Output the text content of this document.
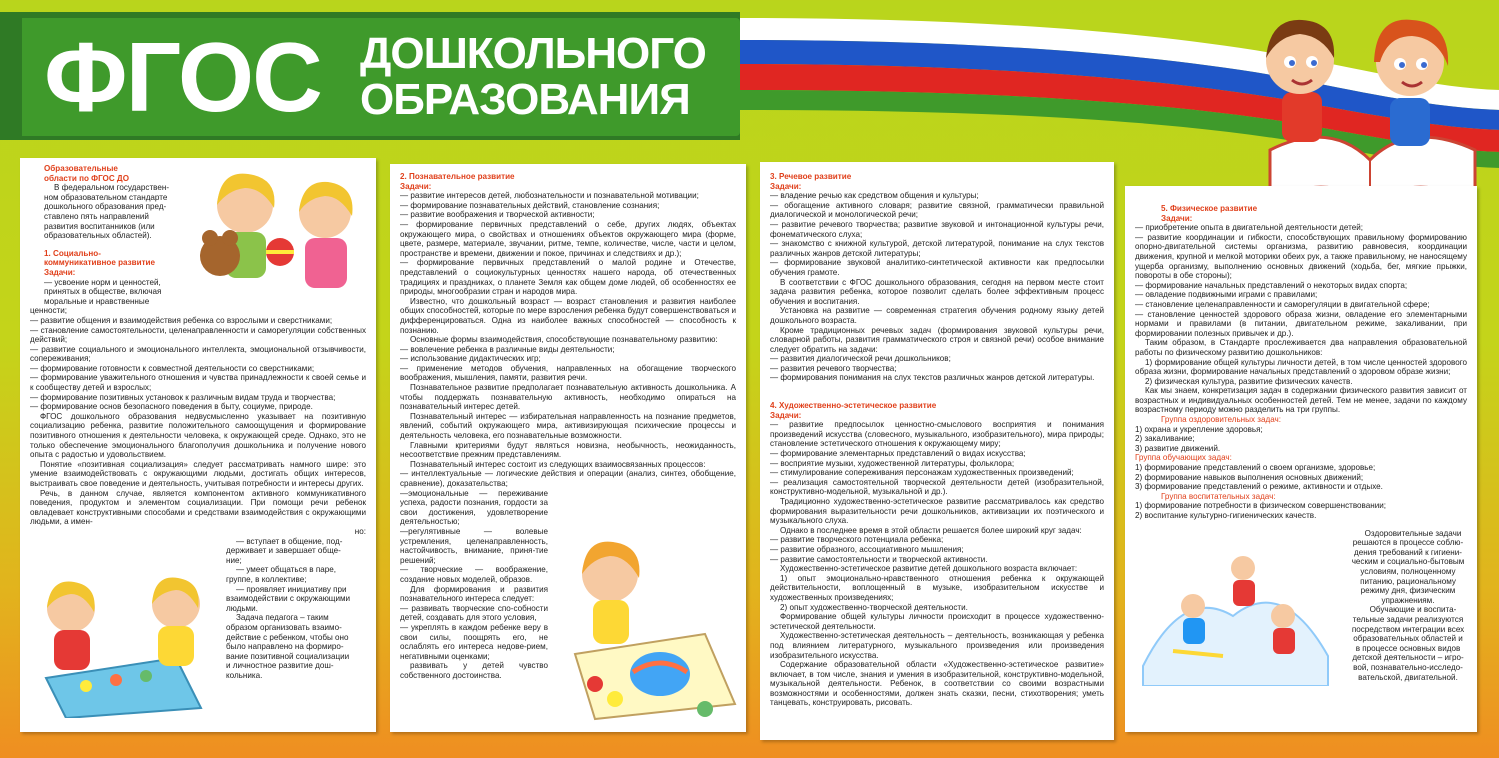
ФГОС ДОШКОЛЬНОГО
ОБРАЗОВАНИЯ
Образовательные
области по ФГОС ДО
В федеральном государствен-
ном образовательном стандарте
дошкольного образования пред-
ставлено пять направлений
развития воспитанников (или
образовательных областей).
1. Социально-
коммуникативное развитие
Задачи:
— усвоение норм и ценностей,
принятых в обществе, включая
моральные и нравственные

ценности;

— развитие общения и взаимодействия ребенка со взрослыми и сверстниками;

— становление самостоятельности, целенаправленности и саморегуляции собственных действий;

— развитие социального и эмоционального интеллекта, эмоциональной отзывчивости, сопереживания;

— формирование готовности к совместной деятельности со сверстниками;

— формирование уважительного отношения и чувства принадлежности к своей семье и к сообществу детей и взрослых;

— формирование позитивных установок к различным видам труда и творчества;

— формирование основ безопасного поведения в быту, социуме, природе.

ФГОС дошкольного образования недвусмысленно указывает на позитивную социализацию ребенка, развитие положительного самоощущения и формирование позитивного отношения к деятельности человека, к окружающей среде. Однако, это не только обеспечение эмоционального благополучия дошкольника и получение нового опыта с радостью и удовольствием.

Понятие «позитивная социализация» следует рассматривать намного шире: это умение взаимодействовать с окружающими людьми, достигать общих интересов, выстраивать свое поведение и деятельность, учитывая потребности и интересы других.

Речь, в данном случае, является компонентом активного коммуникативного поведения, продуктом и элементом социализации. При помощи речи ребенок овладевает конструктивными способами и средствами взаимодействия с окружающими людьми, а имен-

но:
— вступает в общение, под-
держивает и завершает обще-
ние;
— умеет общаться в паре,
группе, в коллективе;
— проявляет инициативу при
взаимодействии с окружающими
людьми.
Задача педагога – таким
образом организовать взаимо-
действие с ребенком, чтобы оно
было направлено на формиро-
вание позитивной социализации
и личностное развитие дош-
кольника.
2. Познавательное развитие
Задачи:

— развитие интересов детей, любознательности и познавательной мотивации;

— формирование познавательных действий, становление сознания;

— развитие воображения и творческой активности;

— формирование первичных представлений о себе, других людях, объектах окружающего мира, о свойствах и отношениях объектов окружающего мира (форме, цвете, размере, материале, звучании, ритме, темпе, количестве, числе, части и целом, пространстве и времени, движении и покое, причинах и следствиях и др.);

— формирование первичных представлений о малой родине и Отечестве, представлений о социокультурных ценностях нашего народа, об отечественных традициях и праздниках, о планете Земля как общем доме людей, об особенностях ее природы, многообразии стран и народов мира.

Известно, что дошкольный возраст — возраст становления и развития наиболее общих способностей, которые по мере взросления ребенка будут совершенствоваться и дифференцироваться. Одна из наиболее важных способностей — способность к познанию.

Основные формы взаимодействия, способствующие познавательному развитию:

— вовлечение ребенка в различные виды деятельности;

— использование дидактических игр;

— применение методов обучения, направленных на обогащение творческого воображения, мышления, памяти, развития речи.

Познавательное развитие предполагает познавательную активность дошкольника. А чтобы поддержать познавательную активность, необходимо опираться на познавательный интерес детей.

Познавательный интерес — избирательная направленность на познание предметов, явлений, событий окружающего мира, активизирующая психические процессы и деятельность человека, его познавательные возможности.

Главными критериями будут являться новизна, необычность, неожиданность, несоответствие прежним представлениям.

Познавательный интерес состоит из следующих взаимосвязанных процессов:

— интеллектуальные — логические действия и операции (анализ, синтез, обобщение, сравнение), доказательства;

—эмоциональные — переживание успеха, радости познания, гордости за свои достижения, удовлетворение деятельностью;

—регулятивные — волевые устремления, целенаправленность, настойчивость, внимание, приня-тие решений;

— творческие — воображение, создание новых моделей, образов.

Для формирования и развития познавательного интереса следует:

— развивать творческие спо-собности детей, создавать для этого условия,

— укреплять в каждом ребенке веру в свои силы, поощрять его, не ослаблять его интереса недове-рием, негативными оценками;

развивать у детей чувство собственного достоинства.

3. Речевое развитие
Задачи:

— владение речью как средством общения и культуры;

— обогащение активного словаря; развитие связной, грамматически правильной диалогической и монологической речи;

— развитие речевого творчества; развитие звуковой и интонационной культуры речи, фонематического слуха;

— знакомство с книжной культурой, детской литературой, понимание на слух текстов различных жанров детской литературы;

— формирование звуковой аналитико-синтетической активности как предпосылки обучения грамоте.

В соответствии с ФГОС дошкольного образования, сегодня на первом месте стоит задача развития ребенка, которое позволит сделать более эффективным процесс обучения и воспитания.

Установка на развитие — современная стратегия обучения родному языку детей дошкольного возраста.

Кроме традиционных речевых задач (формирования звуковой культуры речи, словарной работы, развития грамматического строя и связной речи) особое внимание следует обратить на задачи:

— развития диалогической речи дошкольников;

— развития речевого творчества;

— формирования понимания на слух текстов различных жанров детской литературы.

4. Художественно-эстетическое развитие
Задачи:

— развитие предпосылок ценностно-смыслового восприятия и понимания произведений искусства (словесного, музыкального, изобразительного), мира природы; становление эстетического отношения к окружающему миру;

— формирование элементарных представлений о видах искусства;

— восприятие музыки, художественной литературы, фольклора;

— стимулирование сопереживания персонажам художественных произведений;

— реализация самостоятельной творческой деятельности детей (изобразительной, конструктивно-модельной, музыкальной и др.).

Традиционно художественно-эстетическое развитие рассматривалось как средство формирования выразительности речи дошкольников, активизации их поэтического и музыкального слуха.

Однако в последнее время в этой области решается более широкий круг задач:

— развитие творческого потенциала ребенка;

— развитие образного, ассоциативного мышления;

— развитие самостоятельности и творческой активности.

Художественно-эстетическое развитие детей дошкольного возраста включает:

1) опыт эмоционально-нравственного отношения ребенка к окружающей действительности, воплощенный в музыке, изобразительном искусстве и художественных произведениях;

2) опыт художественно-творческой деятельности.

Формирование общей культуры личности происходит в процессе художественно-эстетической деятельности.

Художественно-эстетическая деятельность – деятельность, возникающая у ребенка под влиянием литературного, музыкального произведения или произведения изобразительного искусства.

Содержание образовательной области «Художественно-эстетическое развитие» включает, в том числе, знания и умения в изобразительной, конструктивно-модельной, музыкальной деятельности. Ребенок, в соответствии со своими возрастными возможностями и особенностями, должен знать сказки, песни, стихотворения; уметь танцевать, конструировать, рисовать.

5. Физическое развитие
Задачи:

— приобретение опыта в двигательной деятельности детей;

— развитие координации и гибкости, способствующих правильному формированию опорно-двигательной системы организма, развитию равновесия, координации движения, крупной и мелкой моторики обеих рук, а также правильному, не наносящему ущерба организму, выполнению основных движений (ходьба, бег, мягкие прыжки, повороты в обе стороны);

— формирование начальных представлений о некоторых видах спорта;

— овладение подвижными играми с правилами;

— становление целенаправленности и саморегуляции в двигательной сфере;

— становление ценностей здорового образа жизни, овладение его элементарными нормами и правилами (в питании, двигательном режиме, закаливании, при формировании полезных привычек и др.).

Таким образом, в Стандарте прослеживается два направления образовательной работы по физическому развитию дошкольников:

1) формирование общей культуры личности детей, в том числе ценностей здорового образа жизни, формирование начальных представлений о здоровом образе жизни;

2) физическая культура, развитие физических качеств.

Как мы знаем, конкретизация задач в содержании физического развития зависит от возрастных и индивидуальных особенностей детей. Тем не менее, задачи по каждому возрастному периоду можно разделить на три группы.

Группа оздоровительных задач:

1) охрана и укрепление здоровья;

2) закаливание;

3) развитие движений.

Группа обучающих задач:

1) формирование представлений о своем организме, здоровье;

2) формирование навыков выполнения основных движений;

3) формирование представлений о режиме, активности и отдыхе.

Группа воспитательных задач:

1) формирование потребности в физическом совершенствовании;

2) воспитание культурно-гигиенических качеств.

Оздоровительные задачи
решаются в процессе соблю-
дения требований к гигиени-
ческим и социально-бытовым
условиям, полноценному
питанию, рациональному
режиму дня, физическим
упражнениям.
Обучающие и воспита-
тельные задачи реализуются
посредством интеграции всех
образовательных областей и
в процессе основных видов
детской деятельности – игро-
вой, познавательно-исследо-
вательской, двигательной.
